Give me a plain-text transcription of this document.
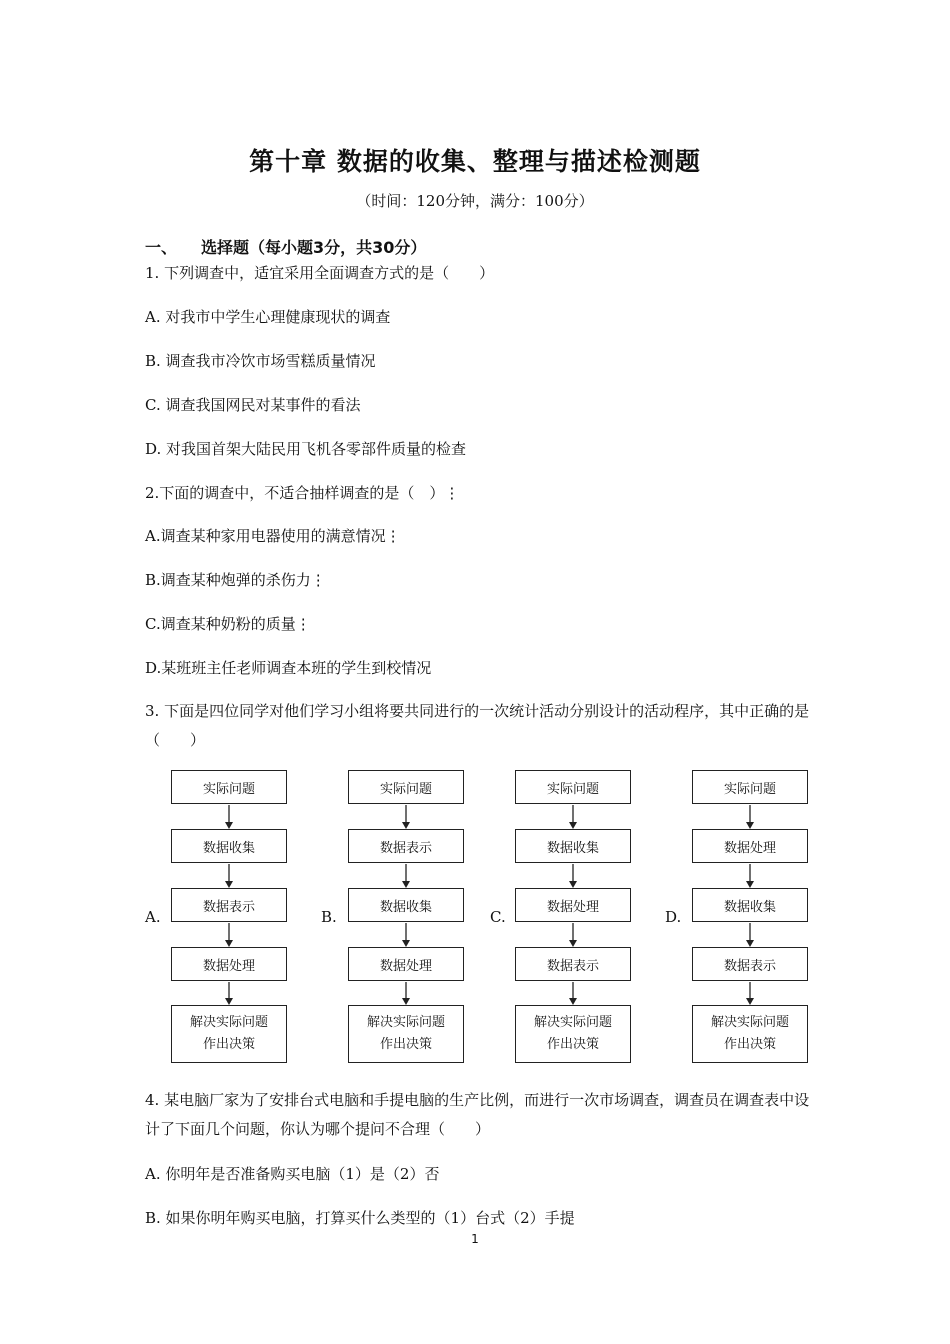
第十章 数据的收集、整理与描述检测题
（时间：120分钟，满分：100分）
一、 选择题（每小题3分，共30分）
1. 下列调查中，适宜采用全面调查方式的是（　　）
A. 对我市中学生心理健康现状的调查
B. 调查我市冷饮市场雪糕质量情况
C. 调查我国网民对某事件的看法
D. 对我国首架大陆民用飞机各零部件质量的检查
2.下面的调查中，不适合抽样调查的是（　）⋮
A.调查某种家用电器使用的满意情况⋮
B.调查某种炮弹的杀伤力⋮
C.调查某种奶粉的质量⋮
D.某班班主任老师调查本班的学生到校情况
3. 下面是四位同学对他们学习小组将要共同进行的一次统计活动分别设计的活动程序，其中正确的是（　　）
A.
实际问题
数据收集
数据表示
数据处理
解决实际问题
作出决策
B.
实际问题
数据表示
数据收集
数据处理
解决实际问题
作出决策
C.
实际问题
数据收集
数据处理
数据表示
解决实际问题
作出决策
D.
实际问题
数据处理
数据收集
数据表示
解决实际问题
作出决策
4. 某电脑厂家为了安排台式电脑和手提电脑的生产比例，而进行一次市场调查，调查员在调查表中设计了下面几个问题，你认为哪个提问不合理（　　）
A. 你明年是否准备购买电脑（1）是（2）否
B. 如果你明年购买电脑，打算买什么类型的（1）台式（2）手提
1
